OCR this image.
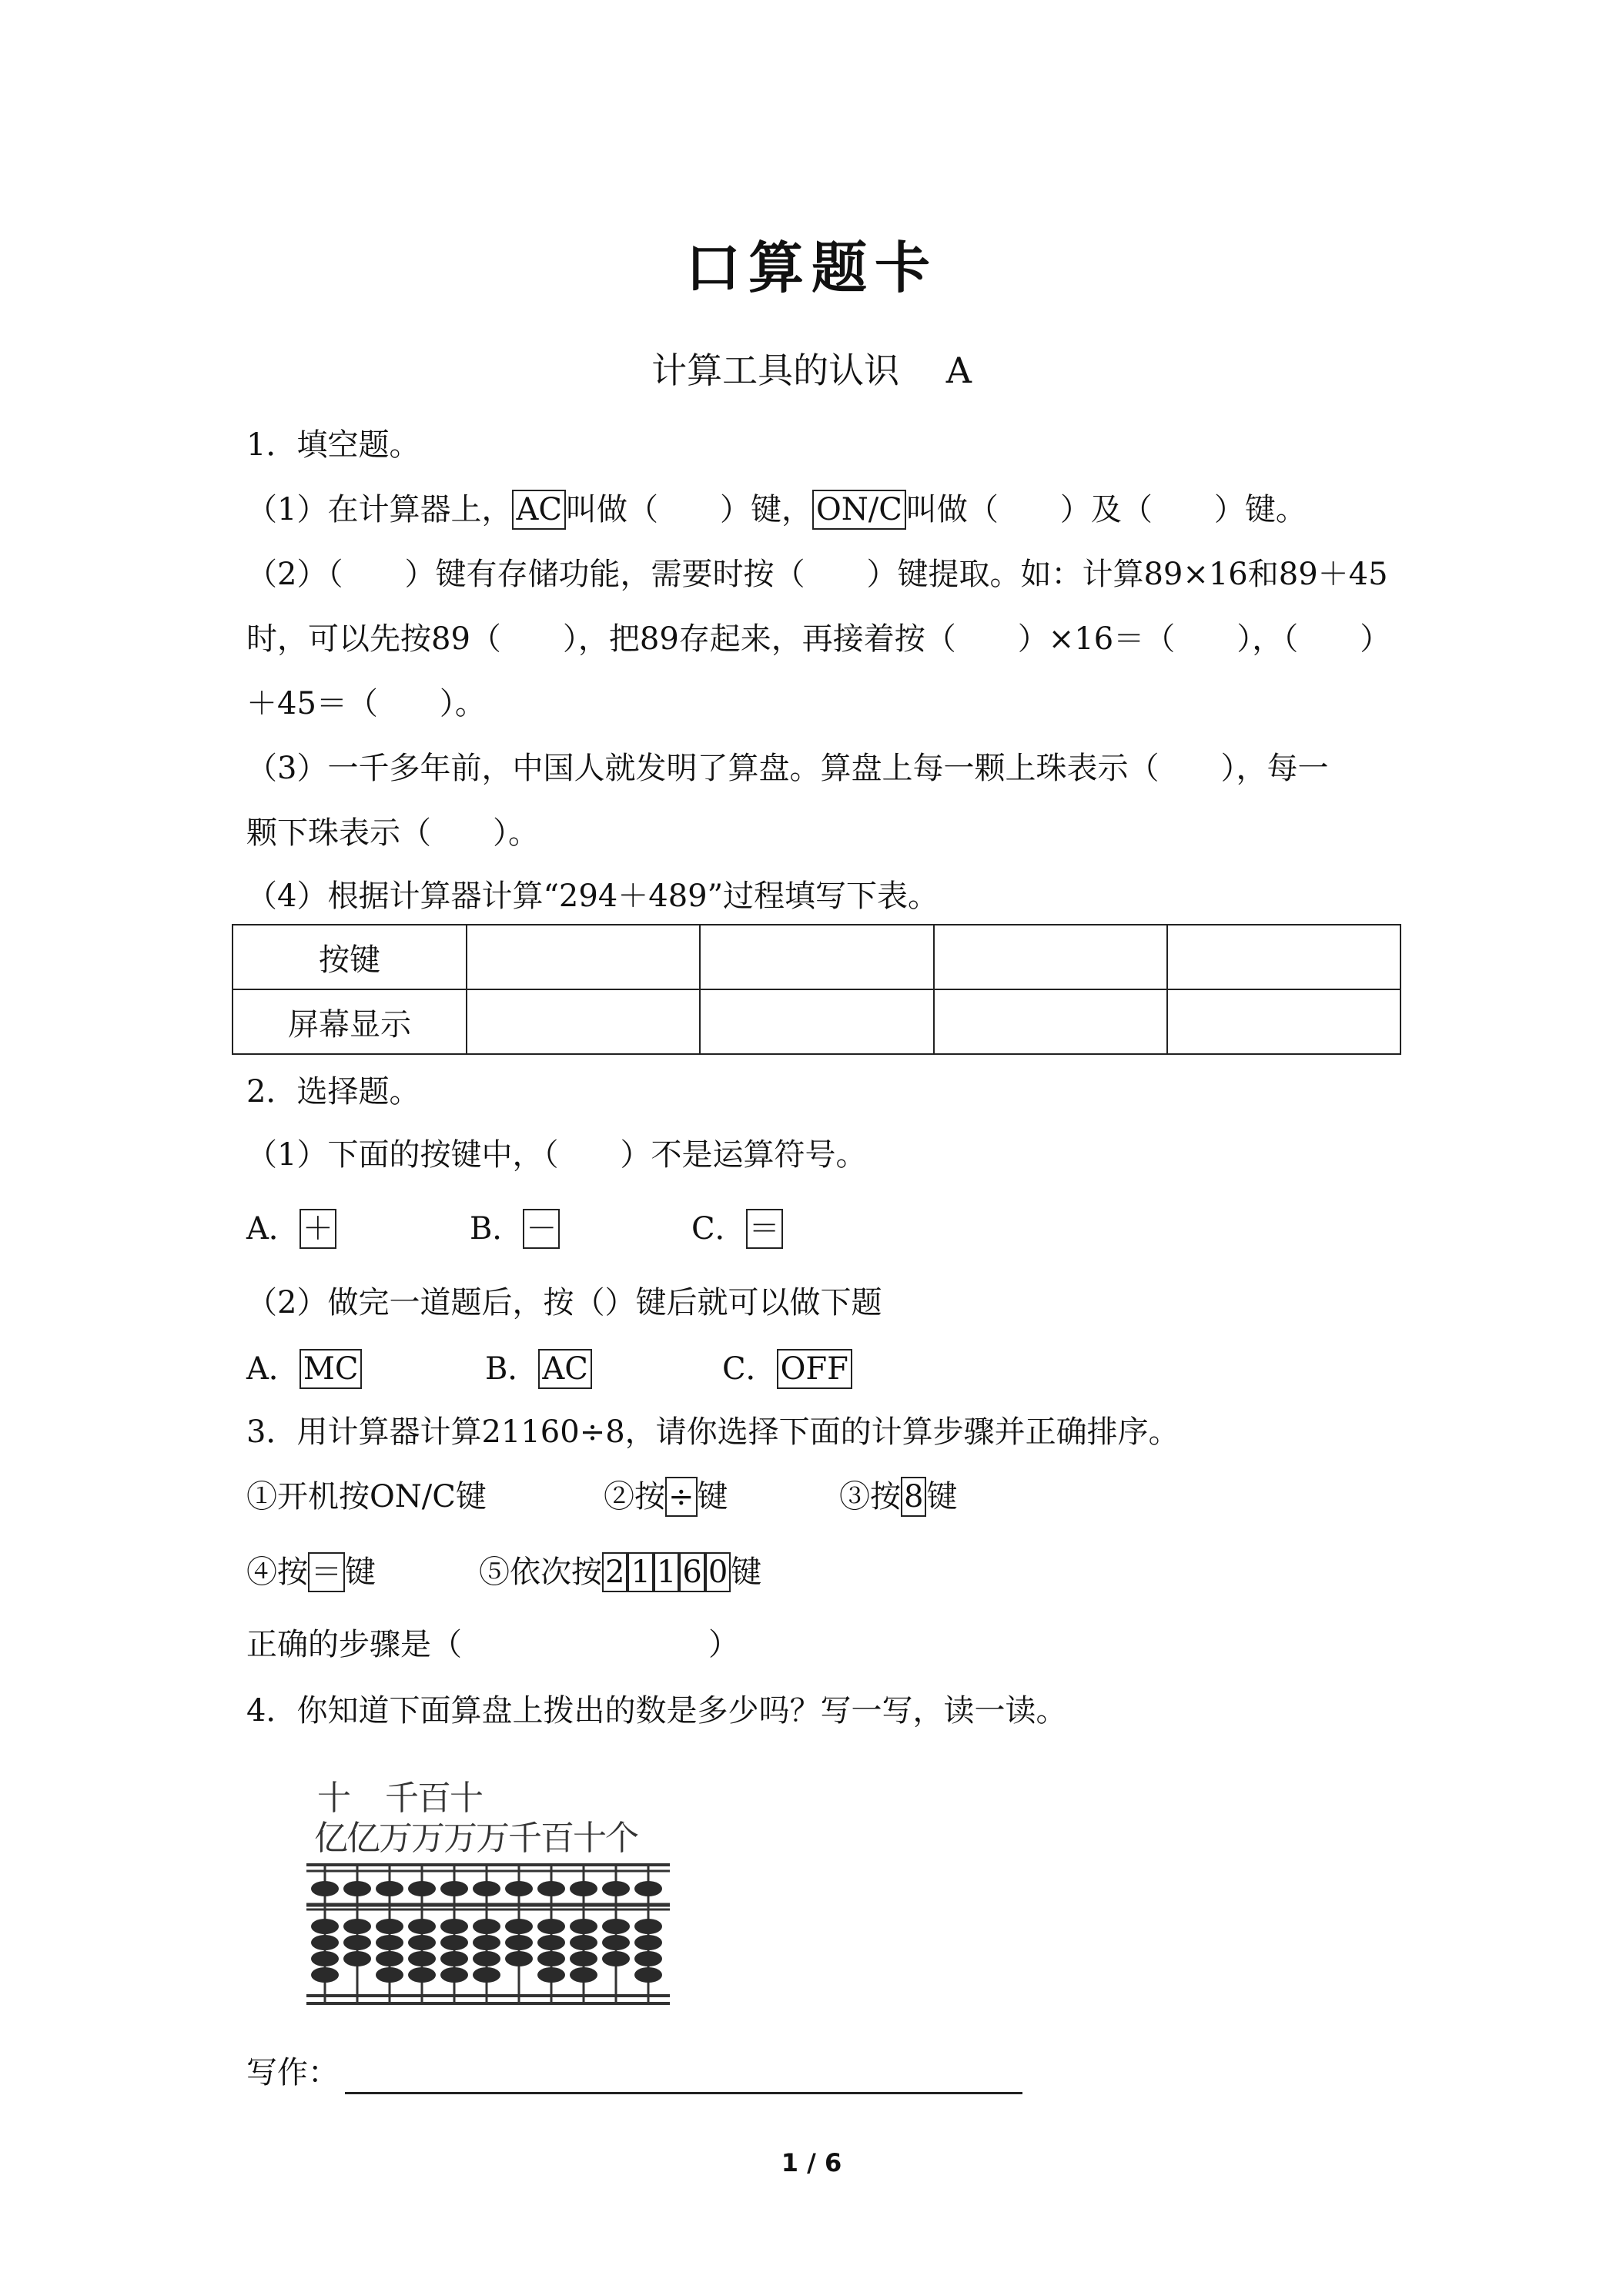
口算题卡
计算工具的认识　 A
1．填空题。
（1）在计算器上， AC 叫做（　　）键， ON/C 叫做（　　）及（　　）键。
（2）（　　）键有存储功能，需要时按（　　）键提取。如：计算89×16和89＋45
时，可以先按89（　　），把89存起来，再接着按（　　）×16＝（　　），（　　）
＋45＝（　　）。
（3）一千多年前，中国人就发明了算盘。算盘上每一颗上珠表示（　　），每一
颗下珠表示（　　）。
（4）根据计算器计算“294＋489”过程填写下表。
按键				
屏幕显示				
2．选择题。
（1）下面的按键中，（　　）不是运算符号。
A． ＋	B． －	C． ＝
（2）做完一道题后，按（）键后就可以做下题
A． MC	B． AC	C． OFF
3．用计算器计算21160÷8，请你选择下面的计算步骤并正确排序。
①开机按ON/C键	②按 ÷ 键	③按 8 键
④按 ＝ 键	⑤依次按 2 1 1 6 0 键
正确的步骤是（　　　　　　　　）
4．你知道下面算盘上拨出的数是多少吗？写一写，读一读。
十 千
百
十
亿
亿
万
万
万
万
千
百
十
个
写作：
1 / 6
